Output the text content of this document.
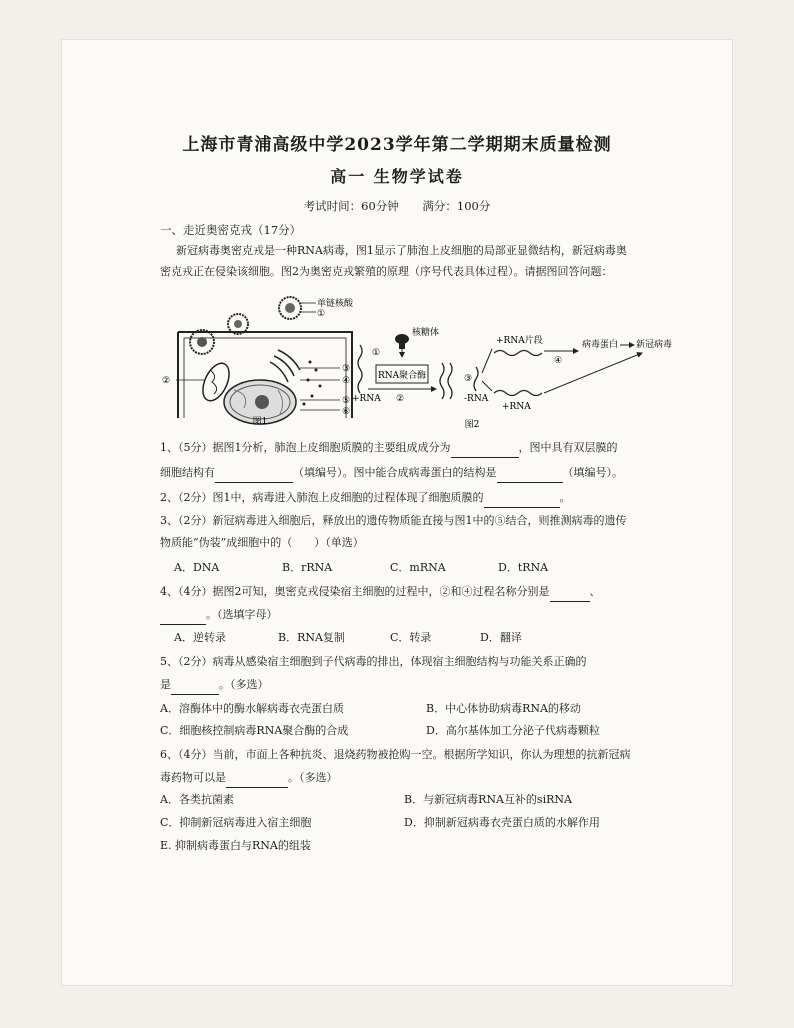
上海市青浦高级中学2023学年第二学期期末质量检测
高一 生物学试卷
考试时间：60分钟 满分：100分
一、走近奥密克戎（17分）
新冠病毒奥密克戎是一种RNA病毒，图1显示了肺泡上皮细胞的局部亚显微结构，新冠病毒奥
密克戎正在侵染该细胞。图2为奥密克戎繁殖的原理（序号代表具体过程）。请据图回答问题：
单链核酸
①
②
③
④
⑤
⑥
图1
核糖体
①
+RNA
RNA聚合酶
②
③
-RNA
+RNA片段
④
病毒蛋白 新冠病毒
+RNA
图2
1、（5分）据图1分析，肺泡上皮细胞质膜的主要组成成分为	，图中具有双层膜的
细胞结构有	（填编号）。图中能合成病毒蛋白的结构是	（填编号）。
2、（2分）图1中，病毒进入肺泡上皮细胞的过程体现了细胞质膜的	。
3、（2分）新冠病毒进入细胞后，释放出的遗传物质能直接与图1中的⑤结合，则推测病毒的遗传
物质能“伪装”成细胞中的（　　）（单选）
A．DNA	B．rRNA	C．mRNA	D．tRNA
4、（4分）据图2可知，奥密克戎侵染宿主细胞的过程中，②和④过程名称分别是	、
。（选填字母）
A．逆转录	B．RNA复制	C．转录	D．翻译
5、（2分）病毒从感染宿主细胞到子代病毒的排出，体现宿主细胞结构与功能关系正确的
是	。（多选）
A．溶酶体中的酶水解病毒衣壳蛋白质	B．中心体协助病毒RNA的移动
C．细胞核控制病毒RNA聚合酶的合成	D．高尔基体加工分泌子代病毒颗粒
6、（4分）当前，市面上各种抗炎、退烧药物被抢购一空。根据所学知识，你认为理想的抗新冠病
毒药物可以是	。（多选）
A．各类抗菌素	B．与新冠病毒RNA互补的siRNA
C．抑制新冠病毒进入宿主细胞	D．抑制新冠病毒衣壳蛋白质的水解作用
E. 抑制病毒蛋白与RNA的组装
